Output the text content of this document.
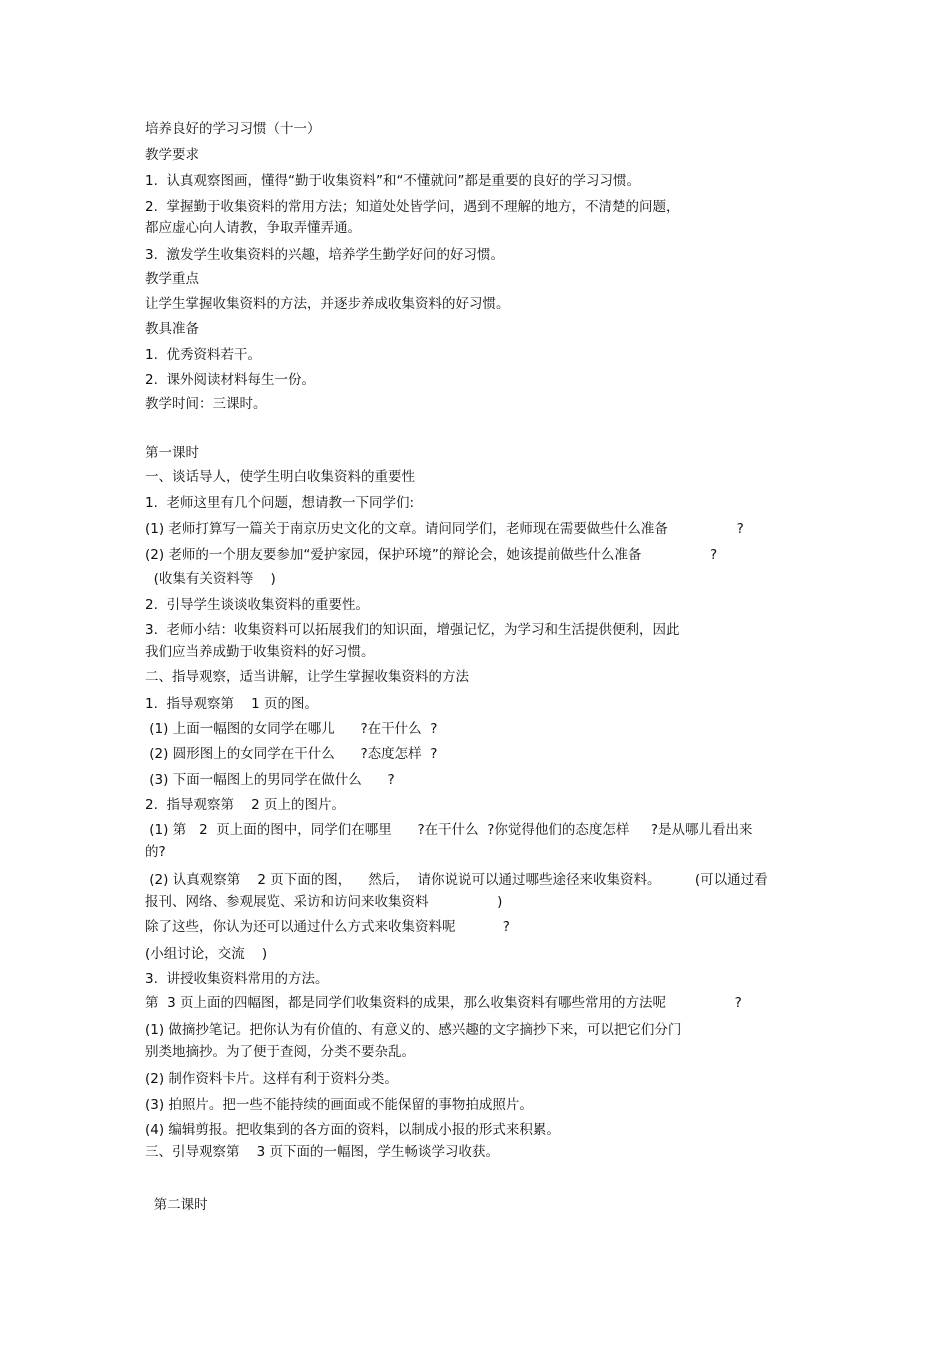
培养良好的学习习惯（十一）
教学要求
1.  认真观察图画，懂得“勤于收集资料”和“不懂就问”都是重要的良好的学习习惯。
2.  掌握勤于收集资料的常用方法；知道处处皆学问，遇到不理解的地方，不清楚的问题，
都应虚心向人请教，争取弄懂弄通。
3.  激发学生收集资料的兴趣，培养学生勤学好问的好习惯。
教学重点
让学生掌握收集资料的方法，并逐步养成收集资料的好习惯。
教具准备
1.  优秀资料若干。
2.  课外阅读材料每生一份。
教学时间：三课时。
第一课时
一、谈话导人，使学生明白收集资料的重要性
1.  老师这里有几个问题，想请教一下同学们:
(1) 老师打算写一篇关于南京历史文化的文章。请问同学们，老师现在需要做些什么准备                ?
(2) 老师的一个朋友要参加“爱护家园，保护环境”的辩论会，她该提前做些什么准备                ?
(收集有关资料等    )
2.  引导学生谈谈收集资料的重要性。
3.  老师小结：收集资料可以拓展我们的知识面，增强记忆，为学习和生活提供便利，因此
我们应当养成勤于收集资料的好习惯。
二、指导观察，适当讲解，让学生掌握收集资料的方法
1.  指导观察第    1 页的图。
(1) 上面一幅图的女同学在哪儿      ?在干什么  ?
(2) 圆形图上的女同学在干什么      ?态度怎样  ?
(3) 下面一幅图上的男同学在做什么      ?
2.  指导观察第    2 页上的图片。
(1) 第   2  页上面的图中，同学们在哪里      ?在干什么  ?你觉得他们的态度怎样     ?是从哪儿看出来
的?
(2) 认真观察第    2 页下面的图，    然后，  请你说说可以通过哪些途径来收集资料。        (可以通过看
报刊、网络、参观展览、采访和访问来收集资料                )
除了这些，你认为还可以通过什么方式来收集资料呢           ?
(小组讨论，交流    )
3.  讲授收集资料常用的方法。
第  3 页上面的四幅图，都是同学们收集资料的成果，那么收集资料有哪些常用的方法呢                ?
(1) 做摘抄笔记。把你认为有价值的、有意义的、感兴趣的文字摘抄下来，可以把它们分门
别类地摘抄。为了便于查阅，分类不要杂乱。
(2) 制作资料卡片。这样有利于资料分类。
(3) 拍照片。把一些不能持续的画面或不能保留的事物拍成照片。
(4) 编辑剪报。把收集到的各方面的资料，以制成小报的形式来积累。
三、引导观察第    3 页下面的一幅图，学生畅谈学习收获。
第二课时
